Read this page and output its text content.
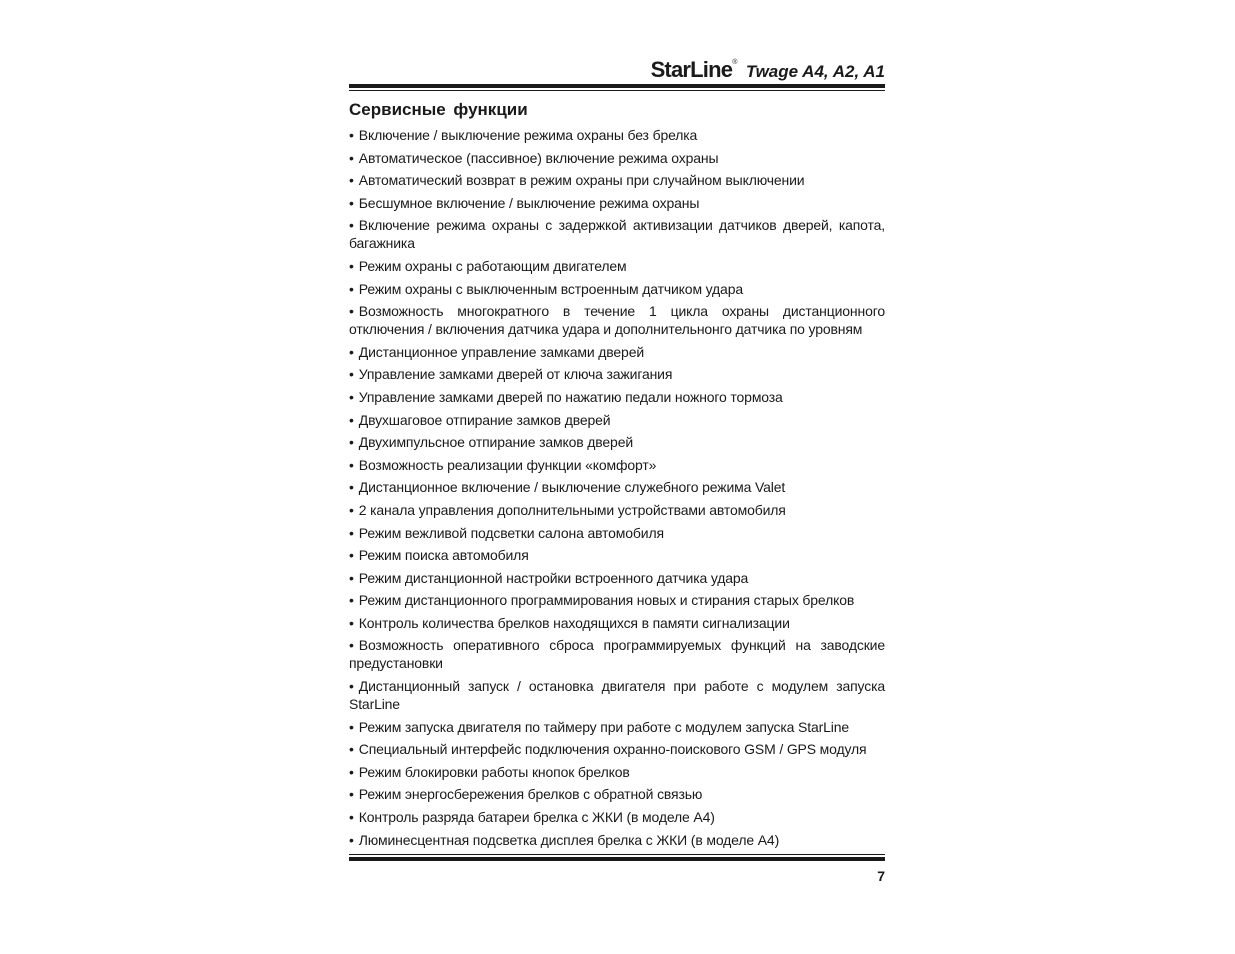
StarLine® Twage A4, A2, A1
Сервисные функции
• Включение / выключение режима охраны без брелка
• Автоматическое (пассивное) включение режима охраны
• Автоматический возврат в режим охраны при случайном выключении
• Бесшумное включение / выключение режима охраны
• Включение режима охраны с задержкой активизации датчиков дверей, капота, багажника
• Режим охраны с работающим двигателем
• Режим охраны с выключенным встроенным датчиком удара
• Возможность многократного в течение 1 цикла охраны дистанционного отключения / включения датчика удара и дополнительнонго датчика по уровням
• Дистанционное управление замками дверей
• Управление замками дверей от ключа зажигания
• Управление замками дверей по нажатию педали ножного тормоза
• Двухшаговое отпирание замков дверей
• Двухимпульсное отпирание замков дверей
• Возможность реализации функции «комфорт»
• Дистанционное включение / выключение служебного режима Valet
• 2 канала управления дополнительными устройствами автомобиля
• Режим вежливой подсветки салона автомобиля
• Режим поиска автомобиля
• Режим дистанционной настройки встроенного датчика удара
• Режим дистанционного программирования новых и стирания старых брелков
• Контроль количества брелков находящихся в памяти сигнализации
• Возможность оперативного сброса программируемых функций на заводские предустановки
• Дистанционный запуск / остановка двигателя при работе с модулем запуска StarLine
• Режим запуска двигателя по таймеру при работе с модулем запуска StarLine
• Специальный интерфейс подключения охранно-поискового GSM / GPS модуля
• Режим блокировки работы кнопок брелков
• Режим энергосбережения брелков с обратной связью
• Контроль разряда батареи брелка с ЖКИ (в моделе А4)
• Люминесцентная подсветка дисплея брелка с ЖКИ (в моделе А4)
7
